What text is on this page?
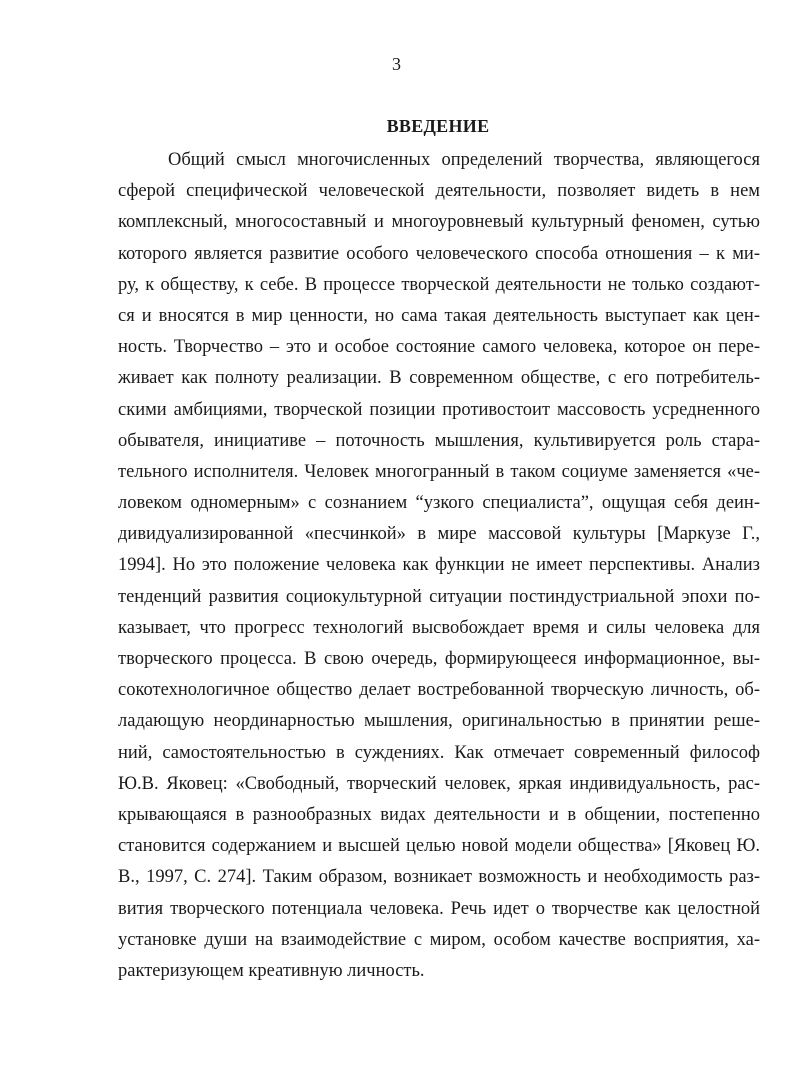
3
ВВЕДЕНИЕ
Общий смысл многочисленных определений творчества, являющегося
сферой специфической человеческой деятельности, позволяет видеть в нем
комплексный, многосоставный и многоуровневый культурный феномен, сутью
которого является развитие особого человеческого способа отношения – к ми-
ру, к обществу, к себе. В процессе творческой деятельности не только создают-
ся и вносятся в мир ценности, но сама такая деятельность выступает как цен-
ность. Творчество – это и особое состояние самого человека, которое он пере-
живает как полноту реализации. В современном обществе, с его потребитель-
скими амбициями, творческой позиции противостоит массовость усредненного
обывателя, инициативе – поточность мышления, культивируется роль стара-
тельного исполнителя. Человек многогранный в таком социуме заменяется «че-
ловеком одномерным» с сознанием “узкого специалиста”, ощущая себя деин-
дивидуализированной «песчинкой» в мире массовой культуры [Маркузе Г.,
1994]. Но это положение человека как функции не имеет перспективы. Анализ
тенденций развития социокультурной ситуации постиндустриальной эпохи по-
казывает, что прогресс технологий высвобождает время и силы человека для
творческого процесса. В свою очередь, формирующееся информационное, вы-
сокотехнологичное общество делает востребованной творческую личность, об-
ладающую неординарностью мышления, оригинальностью в принятии реше-
ний, самостоятельностью в суждениях. Как отмечает современный философ
Ю.В. Яковец: «Свободный, творческий человек, яркая индивидуальность, рас-
крывающаяся в разнообразных видах деятельности и в общении, постепенно
становится содержанием и высшей целью новой модели общества» [Яковец Ю.
В., 1997, С. 274]. Таким образом, возникает возможность и необходимость раз-
вития творческого потенциала человека. Речь идет о творчестве как целостной
установке души на взаимодействие с миром, особом качестве восприятия, ха-
рактеризующем креативную личность.
